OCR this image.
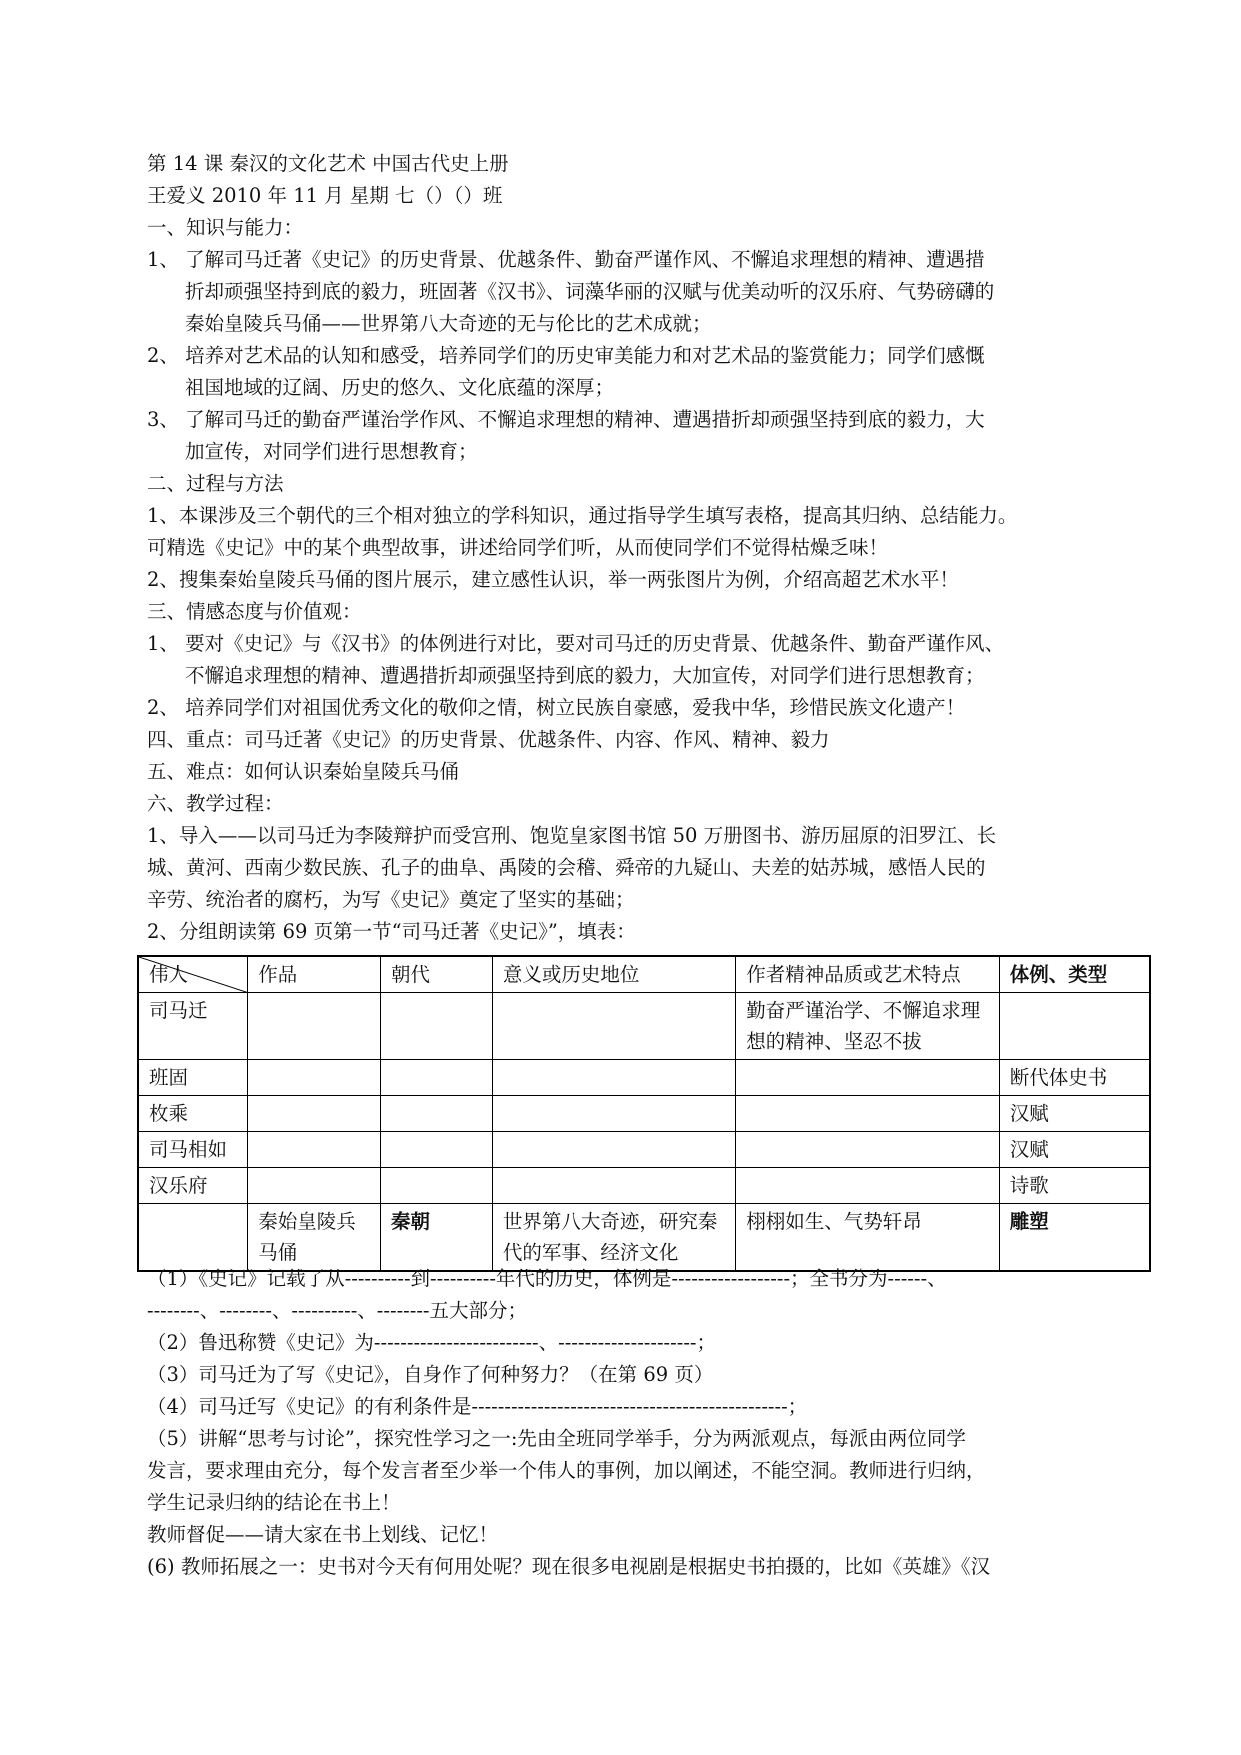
第 14 课 秦汉的文化艺术 中国古代史上册
王爱义 2010 年 11 月 星期 七（）（）班
一、知识与能力：
1、 了解司马迁著《史记》的历史背景、优越条件、勤奋严谨作风、不懈追求理想的精神、遭遇措
折却顽强坚持到底的毅力，班固著《汉书》、词藻华丽的汉赋与优美动听的汉乐府、气势磅礴的
秦始皇陵兵马俑——世界第八大奇迹的无与伦比的艺术成就；
2、 培养对艺术品的认知和感受，培养同学们的历史审美能力和对艺术品的鉴赏能力；同学们感慨
祖国地域的辽阔、历史的悠久、文化底蕴的深厚；
3、 了解司马迁的勤奋严谨治学作风、不懈追求理想的精神、遭遇措折却顽强坚持到底的毅力，大
加宣传，对同学们进行思想教育；
二、过程与方法
1、本课涉及三个朝代的三个相对独立的学科知识，通过指导学生填写表格，提高其归纳、总结能力。
可精选《史记》中的某个典型故事，讲述给同学们听，从而使同学们不觉得枯燥乏味！
2、搜集秦始皇陵兵马俑的图片展示，建立感性认识，举一两张图片为例，介绍高超艺术水平！
三、情感态度与价值观：
1、 要对《史记》与《汉书》的体例进行对比，要对司马迁的历史背景、优越条件、勤奋严谨作风、
不懈追求理想的精神、遭遇措折却顽强坚持到底的毅力，大加宣传，对同学们进行思想教育；
2、 培养同学们对祖国优秀文化的敬仰之情，树立民族自豪感，爱我中华，珍惜民族文化遗产！
四、重点：司马迁著《史记》的历史背景、优越条件、内容、作风、精神、毅力
五、难点：如何认识秦始皇陵兵马俑
六、教学过程：
1、导入——以司马迁为李陵辩护而受宫刑、饱览皇家图书馆 50 万册图书、游历屈原的汨罗江、长
城、黄河、西南少数民族、孔子的曲阜、禹陵的会稽、舜帝的九疑山、夫差的姑苏城，感悟人民的
辛劳、统治者的腐朽，为写《史记》奠定了坚实的基础；
2、分组朗读第 69 页第一节“司马迁著《史记》”，填表：
伟人	作品	朝代	意义或历史地位	作者精神品质或艺术特点	体例、类型
司马迁				勤奋严谨治学、不懈追求理想的精神、坚忍不拔	
班固					断代体史书
枚乘					汉赋
司马相如					汉赋
汉乐府					诗歌
	秦始皇陵兵马俑	秦朝	世界第八大奇迹，研究秦代的军事、经济文化	栩栩如生、气势轩昂	雕塑
（1）《史记》记载了从----------到----------年代的历史，体例是------------------；全书分为------、
--------、--------、----------、--------五大部分；
（2）鲁迅称赞《史记》为-------------------------、---------------------；
（3）司马迁为了写《史记》，自身作了何种努力？（在第 69 页）
（4）司马迁写《史记》的有利条件是------------------------------------------------；
（5）讲解“思考与讨论”，探究性学习之一:先由全班同学举手，分为两派观点，每派由两位同学
发言，要求理由充分，每个发言者至少举一个伟人的事例，加以阐述，不能空洞。教师进行归纳，
学生记录归纳的结论在书上！
教师督促——请大家在书上划线、记忆！
(6) 教师拓展之一：史书对今天有何用处呢？现在很多电视剧是根据史书拍摄的，比如《英雄》《汉
